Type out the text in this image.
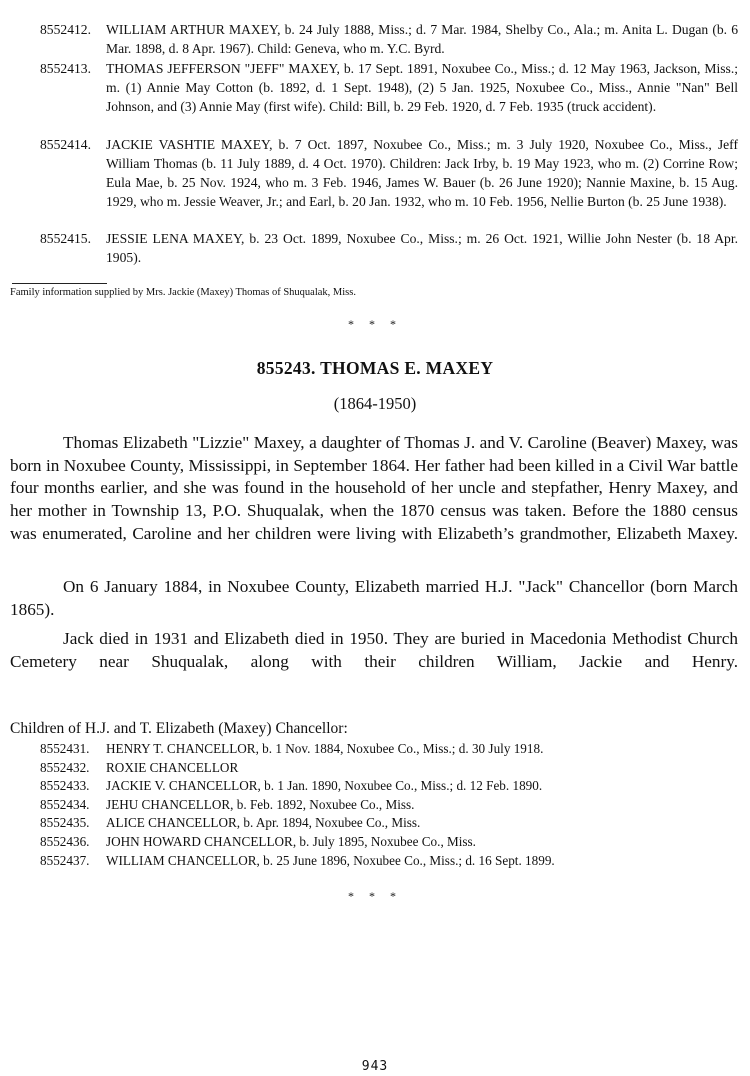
8552412. WILLIAM ARTHUR MAXEY, b. 24 July 1888, Miss.; d. 7 Mar. 1984, Shelby Co., Ala.; m. Anita L. Dugan (b. 6 Mar. 1898, d. 8 Apr. 1967). Child: Geneva, who m. Y.C. Byrd.

8552413. THOMAS JEFFERSON "JEFF" MAXEY, b. 17 Sept. 1891, Noxubee Co., Miss.; d. 12 May 1963, Jackson, Miss.; m. (1) Annie May Cotton (b. 1892, d. 1 Sept. 1948), (2) 5 Jan. 1925, Noxubee Co., Miss., Annie "Nan" Bell Johnson, and (3) Annie May (first wife). Child: Bill, b. 29 Feb. 1920, d. 7 Feb. 1935 (truck accident).

8552414. JACKIE VASHTIE MAXEY, b. 7 Oct. 1897, Noxubee Co., Miss.; m. 3 July 1920, Noxubee Co., Miss., Jeff William Thomas (b. 11 July 1889, d. 4 Oct. 1970). Children: Jack Irby, b. 19 May 1923, who m. (2) Corrine Row; Eula Mae, b. 25 Nov. 1924, who m. 3 Feb. 1946, James W. Bauer (b. 26 June 1920); Nannie Maxine, b. 15 Aug. 1929, who m. Jessie Weaver, Jr.; and Earl, b. 20 Jan. 1932, who m. 10 Feb. 1956, Nellie Burton (b. 25 June 1938).

8552415. JESSIE LENA MAXEY, b. 23 Oct. 1899, Noxubee Co., Miss.; m. 26 Oct. 1921, Willie John Nester (b. 18 Apr. 1905).

Family information supplied by Mrs. Jackie (Maxey) Thomas of Shuqualak, Miss.
* * *
855243. THOMAS E. MAXEY
(1864-1950)

Thomas Elizabeth "Lizzie" Maxey, a daughter of Thomas J. and V. Caroline (Beaver) Maxey, was born in Noxubee County, Mississippi, in September 1864. Her father had been killed in a Civil War battle four months earlier, and she was found in the household of her uncle and stepfather, Henry Maxey, and her mother in Township 13, P.O. Shuqualak, when the 1870 census was taken. Before the 1880 census was enumerated, Caroline and her children were living with Elizabeth’s grandmother, Elizabeth Maxey.

On 6 January 1884, in Noxubee County, Elizabeth married H.J. "Jack" Chancellor (born March 1865).

Jack died in 1931 and Elizabeth died in 1950. They are buried in Macedonia Methodist Church Cemetery near Shuqualak, along with their children William, Jackie and Henry.

Children of H.J. and T. Elizabeth (Maxey) Chancellor:
8552431. HENRY T. CHANCELLOR, b. 1 Nov. 1884, Noxubee Co., Miss.; d. 30 July 1918.
8552432. ROXIE CHANCELLOR
8552433. JACKIE V. CHANCELLOR, b. 1 Jan. 1890, Noxubee Co., Miss.; d. 12 Feb. 1890.
8552434. JEHU CHANCELLOR, b. Feb. 1892, Noxubee Co., Miss.
8552435. ALICE CHANCELLOR, b. Apr. 1894, Noxubee Co., Miss.
8552436. JOHN HOWARD CHANCELLOR, b. July 1895, Noxubee Co., Miss.
8552437. WILLIAM CHANCELLOR, b. 25 June 1896, Noxubee Co., Miss.; d. 16 Sept. 1899.
* * *
943
